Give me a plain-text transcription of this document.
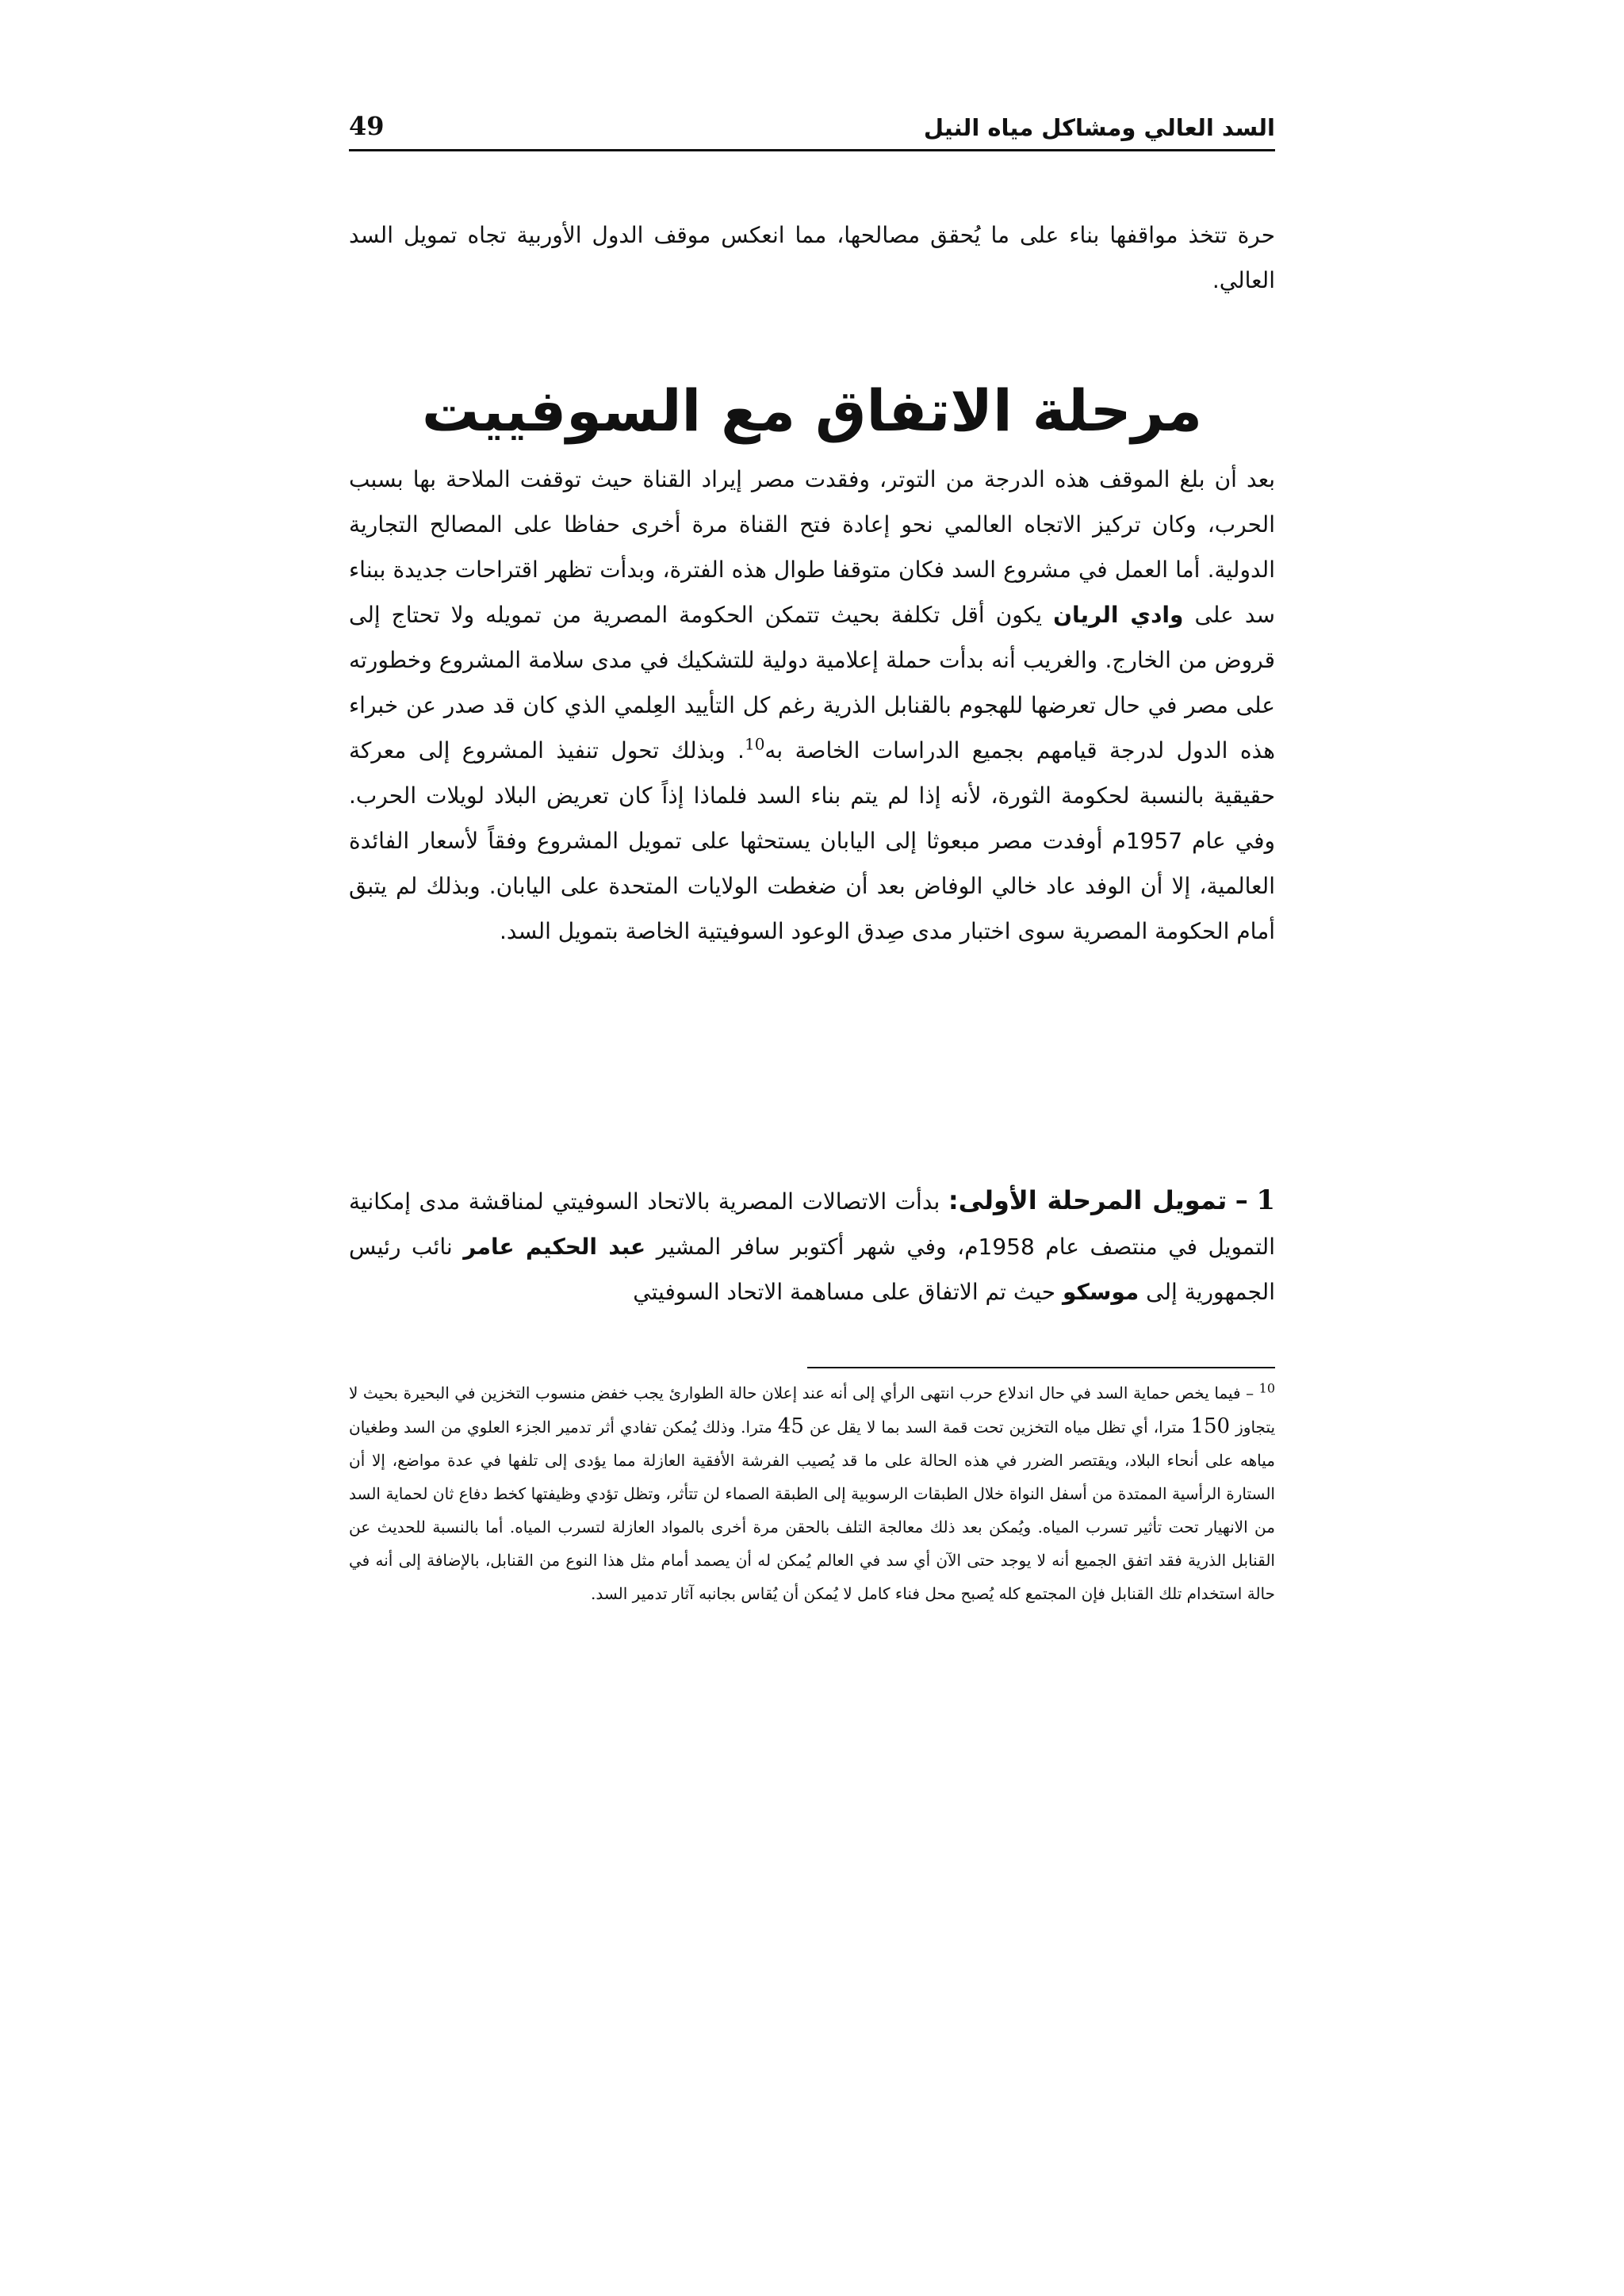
السد العالي ومشاكل مياه النيل
49

حرة تتخذ مواقفها بناء على ما يُحقق مصالحها، مما انعكس موقف الدول الأوربية تجاه تمويل السد العالي.

مرحلة الاتفاق مع السوفييت

بعد أن بلغ الموقف هذه الدرجة من التوتر، وفقدت مصر إيراد القناة حيث توقفت الملاحة بها بسبب الحرب، وكان تركيز الاتجاه العالمي نحو إعادة فتح القناة مرة أخرى حفاظا على المصالح التجارية الدولية. أما العمل في مشروع السد فكان متوقفا طوال هذه الفترة، وبدأت تظهر اقتراحات جديدة ببناء سد على وادي الريان يكون أقل تكلفة بحيث تتمكن الحكومة المصرية من تمويله ولا تحتاج إلى قروض من الخارج. والغريب أنه بدأت حملة إعلامية دولية للتشكيك في مدى سلامة المشروع وخطورته على مصر في حال تعرضها للهجوم بالقنابل الذرية رغم كل التأييد العِلمي الذي كان قد صدر عن خبراء هذه الدول لدرجة قيامهم بجميع الدراسات الخاصة به$^{10}$. وبذلك تحول تنفيذ المشروع إلى معركة حقيقية بالنسبة لحكومة الثورة، لأنه إذا لم يتم بناء السد فلماذا إذاً كان تعريض البلاد لويلات الحرب. وفي عام 1957م أوفدت مصر مبعوثا إلى اليابان يستحثها على تمويل المشروع وفقاً لأسعار الفائدة العالمية، إلا أن الوفد عاد خالي الوفاض بعد أن ضغطت الولايات المتحدة على اليابان. وبذلك لم يتبق أمام الحكومة المصرية سوى اختبار مدى صِدق الوعود السوفيتية الخاصة بتمويل السد.

1 – تمويل المرحلة الأولى: بدأت الاتصالات المصرية بالاتحاد السوفيتي لمناقشة مدى إمكانية التمويل في منتصف عام 1958م، وفي شهر أكتوبر سافر المشير عبد الحكيم عامر نائب رئيس الجمهورية إلى موسكو حيث تم الاتفاق على مساهمة الاتحاد السوفيتي

$^{10}$ – فيما يخص حماية السد في حال اندلاع حرب انتهى الرأي إلى أنه عند إعلان حالة الطوارئ يجب خفض منسوب التخزين في البحيرة بحيث لا يتجاوز 150 مترا، أي تظل مياه التخزين تحت قمة السد بما لا يقل عن 45 مترا. وذلك يُمكن تفادي أثر تدمير الجزء العلوي من السد وطغيان مياهه على أنحاء البلاد، ويقتصر الضرر في هذه الحالة على ما قد يُصيب الفرشة الأفقية العازلة مما يؤدى إلى تلفها في عدة مواضع، إلا أن الستارة الرأسية الممتدة من أسفل النواة خلال الطبقات الرسوبية إلى الطبقة الصماء لن تتأثر، وتظل تؤدي وظيفتها كخط دفاع ثان لحماية السد من الانهيار تحت تأثير تسرب المياه. ويُمكن بعد ذلك معالجة التلف بالحقن مرة أخرى بالمواد العازلة لتسرب المياه. أما بالنسبة للحديث عن القنابل الذرية فقد اتفق الجميع أنه لا يوجد حتى الآن أي سد في العالم يُمكن له أن يصمد أمام مثل هذا النوع من القنابل، بالإضافة إلى أنه في حالة استخدام تلك القنابل فإن المجتمع كله يُصبح محل فناء كامل لا يُمكن أن يُقاس بجانبه آثار تدمير السد.
